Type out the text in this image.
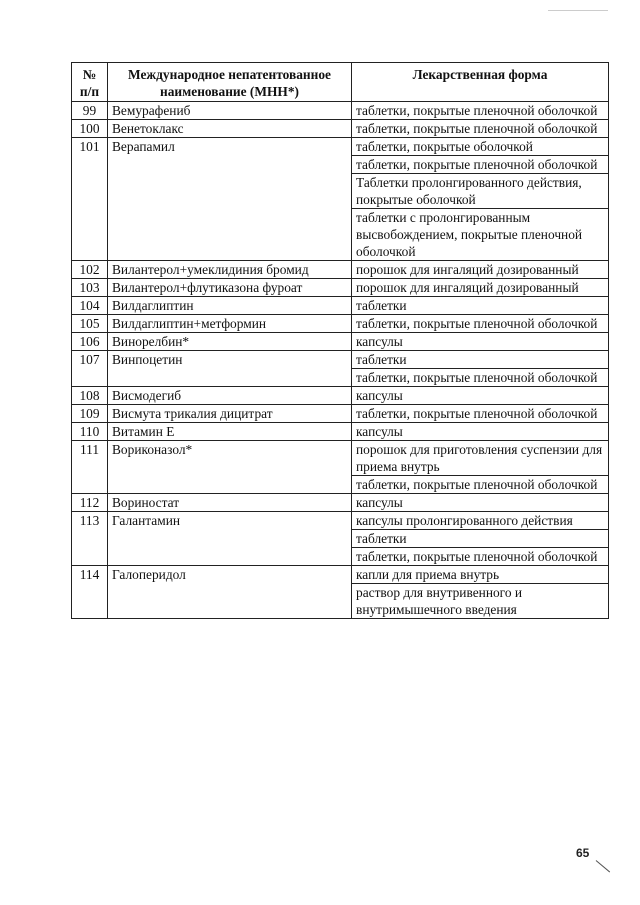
№
п/п	Международное непатентованное наименование (МНН*)	Лекарственная форма
99	Вемурафениб	таблетки, покрытые пленочной оболочкой
100	Венетоклакс	таблетки, покрытые пленочной оболочкой
101	Верапамил	таблетки, покрытые оболочкой
		таблетки, покрытые пленочной оболочкой
		Таблетки пролонгированного действия, покрытые оболочкой
		таблетки с пролонгированным высвобождением, покрытые пленочной оболочкой
102	Вилантерол+умеклидиния бромид	порошок для ингаляций дозированный
103	Вилантерол+флутиказона фуроат	порошок для ингаляций дозированный
104	Вилдаглиптин	таблетки
105	Вилдаглиптин+метформин	таблетки, покрытые пленочной оболочкой
106	Винорелбин*	капсулы
107	Винпоцетин	таблетки
		таблетки, покрытые пленочной оболочкой
108	Висмодегиб	капсулы
109	Висмута трикалия дицитрат	таблетки, покрытые пленочной оболочкой
110	Витамин Е	капсулы
111	Вориконазол*	порошок для приготовления суспензии для приема внутрь
		таблетки, покрытые пленочной оболочкой
112	Вориностат	капсулы
113	Галантамин	капсулы пролонгированного действия
		таблетки
		таблетки, покрытые пленочной оболочкой
114	Галоперидол	капли для приема внутрь
		раствор для внутривенного и внутримышечного введения
65
